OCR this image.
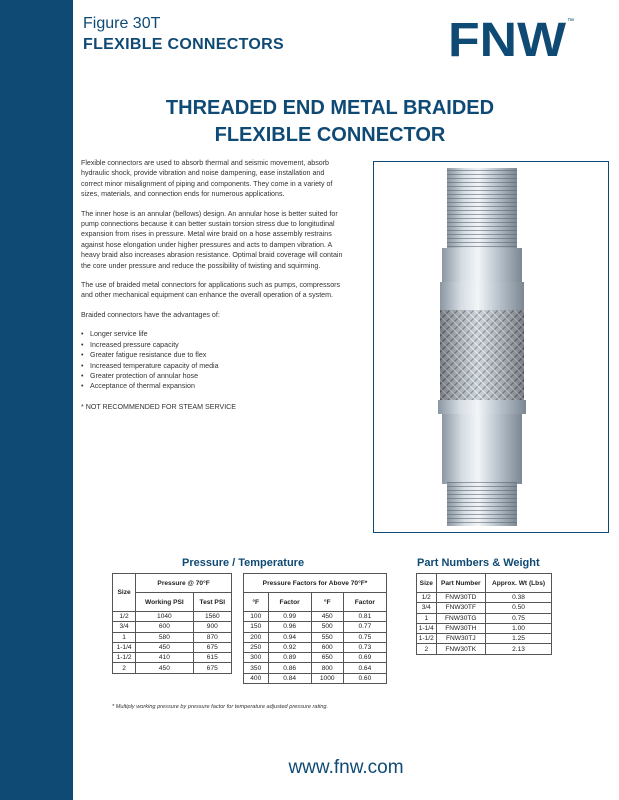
Figure 30T
FLEXIBLE CONNECTORS	FNW ™
THREADED END METAL BRAIDED
FLEXIBLE CONNECTOR

Flexible connectors are used to absorb thermal and seismic movement, absorb hydraulic shock, provide vibration and noise dampening, ease installation and correct minor misalignment of piping and components. They come in a variety of sizes, materials, and connection ends for numerous applications.

The inner hose is an annular (bellows) design. An annular hose is better suited for pump connections because it can better sustain torsion stress due to longitudinal expansion from rises in pressure. Metal wire braid on a hose assembly restrains against hose elongation under higher pressures and acts to dampen vibration. A heavy braid also increases abrasion resistance. Optimal braid coverage will contain the core under pressure and reduce the possibility of twisting and squirming.

The use of braided metal connectors for applications such as pumps, compressors and other mechanical equipment can enhance the overall operation of a system.

Braided connectors have the advantages of:

• Longer service life
• Increased pressure capacity
• Greater fatigue resistance due to flex
• Increased temperature capacity of media
• Greater protection of annular hose
• Acceptance of thermal expansion
* NOT RECOMMENDED FOR STEAM SERVICE
Pressure / Temperature	Part Numbers & Weight
Size	Pressure @ 70°F	
	Working PSI	Test PSI
1/2	1040	1560
3/4	600	900
1	580	870
1-1/4	450	675
1-1/2	410	615
2	450	675
Pressure Factors for Above 70°F*			
°F	Factor	°F	Factor
100	0.99	450	0.81
150	0.96	500	0.77
200	0.94	550	0.75
250	0.92	600	0.73
300	0.89	650	0.69
350	0.86	800	0.64
400	0.84	1000	0.60
Size	Part Number	Approx. Wt (Lbs)
1/2	FNW30TD	0.38
3/4	FNW30TF	0.50
1	FNW30TG	0.75
1-1/4	FNW30TH	1.00
1-1/2	FNW30TJ	1.25
2	FNW30TK	2.13
* Multiply working pressure by pressure factor for temperature adjusted pressure rating.
www.fnw.com
